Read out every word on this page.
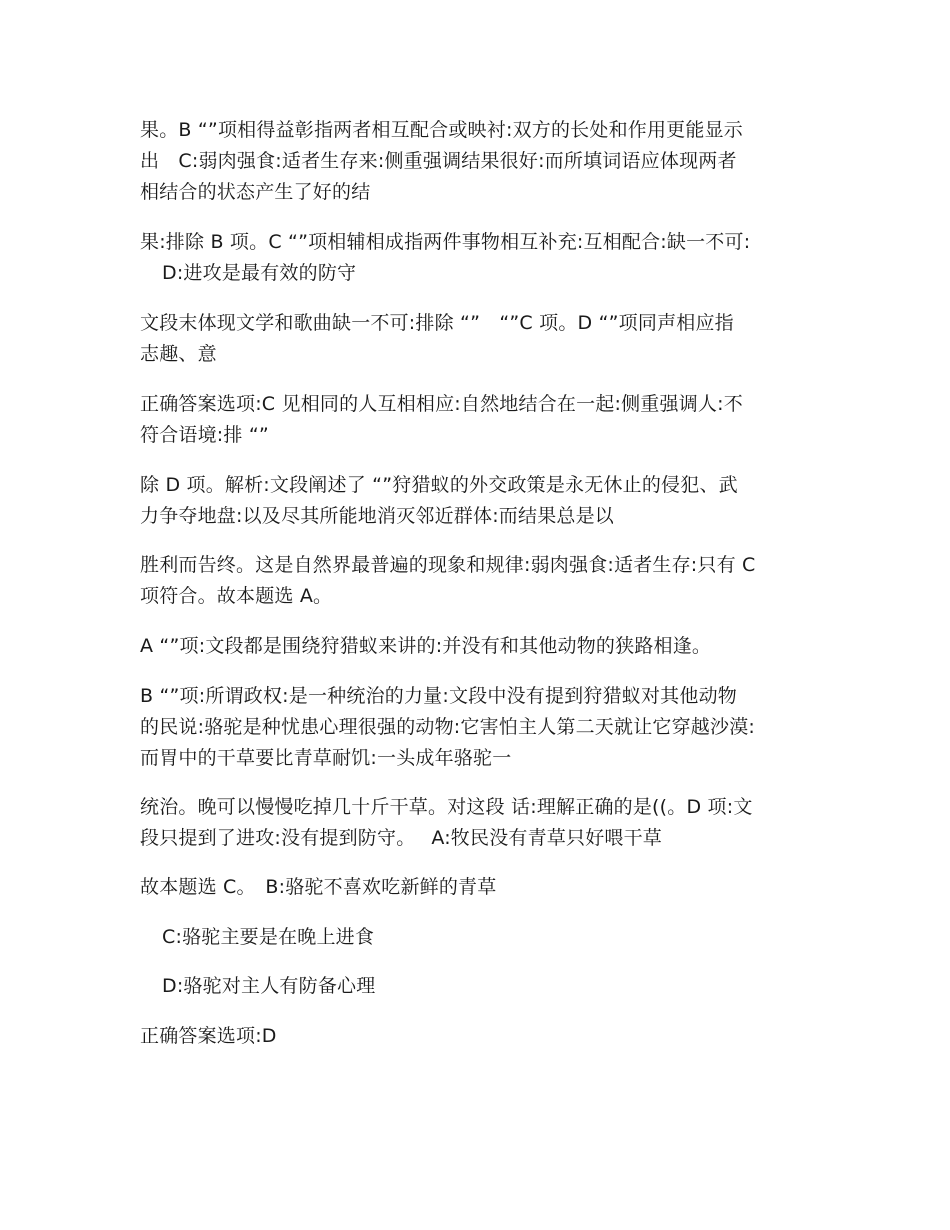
果。B “”项相得益彰指两者相互配合或映衬:双方的长处和作用更能显示
出　C:弱肉强食:适者生存来:侧重强调结果很好:而所填词语应体现两者
相结合的状态产生了好的结
果:排除 B 项。C “”项相辅相成指两件事物相互补充:互相配合:缺一不可:
D:进攻是最有效的防守
文段末体现文学和歌曲缺一不可:排除 “”　“”C 项。D “”项同声相应指
志趣、意
正确答案选项:C 见相同的人互相相应:自然地结合在一起:侧重强调人:不
符合语境:排 “”
除 D 项。解析:文段阐述了 “”狩猎蚁的外交政策是永无休止的侵犯、武
力争夺地盘:以及尽其所能地消灭邻近群体:而结果总是以
胜利而告终。这是自然界最普遍的现象和规律:弱肉强食:适者生存:只有 C
项符合。故本题选 A。
A “”项:文段都是围绕狩猎蚁来讲的:并没有和其他动物的狭路相逢。
B “”项:所谓政权:是一种统治的力量:文段中没有提到狩猎蚁对其他动物
的民说:骆驼是种忧患心理很强的动物:它害怕主人第二天就让它穿越沙漠:
而胃中的干草要比青草耐饥:一头成年骆驼一
统治。晚可以慢慢吃掉几十斤干草。对这段 话:理解正确的是((。D 项:文
段只提到了进攻:没有提到防守。　 A:牧民没有青草只好喂干草
故本题选 C。　B:骆驼不喜欢吃新鲜的青草
C:骆驼主要是在晚上进食
D:骆驼对主人有防备心理
正确答案选项:D
